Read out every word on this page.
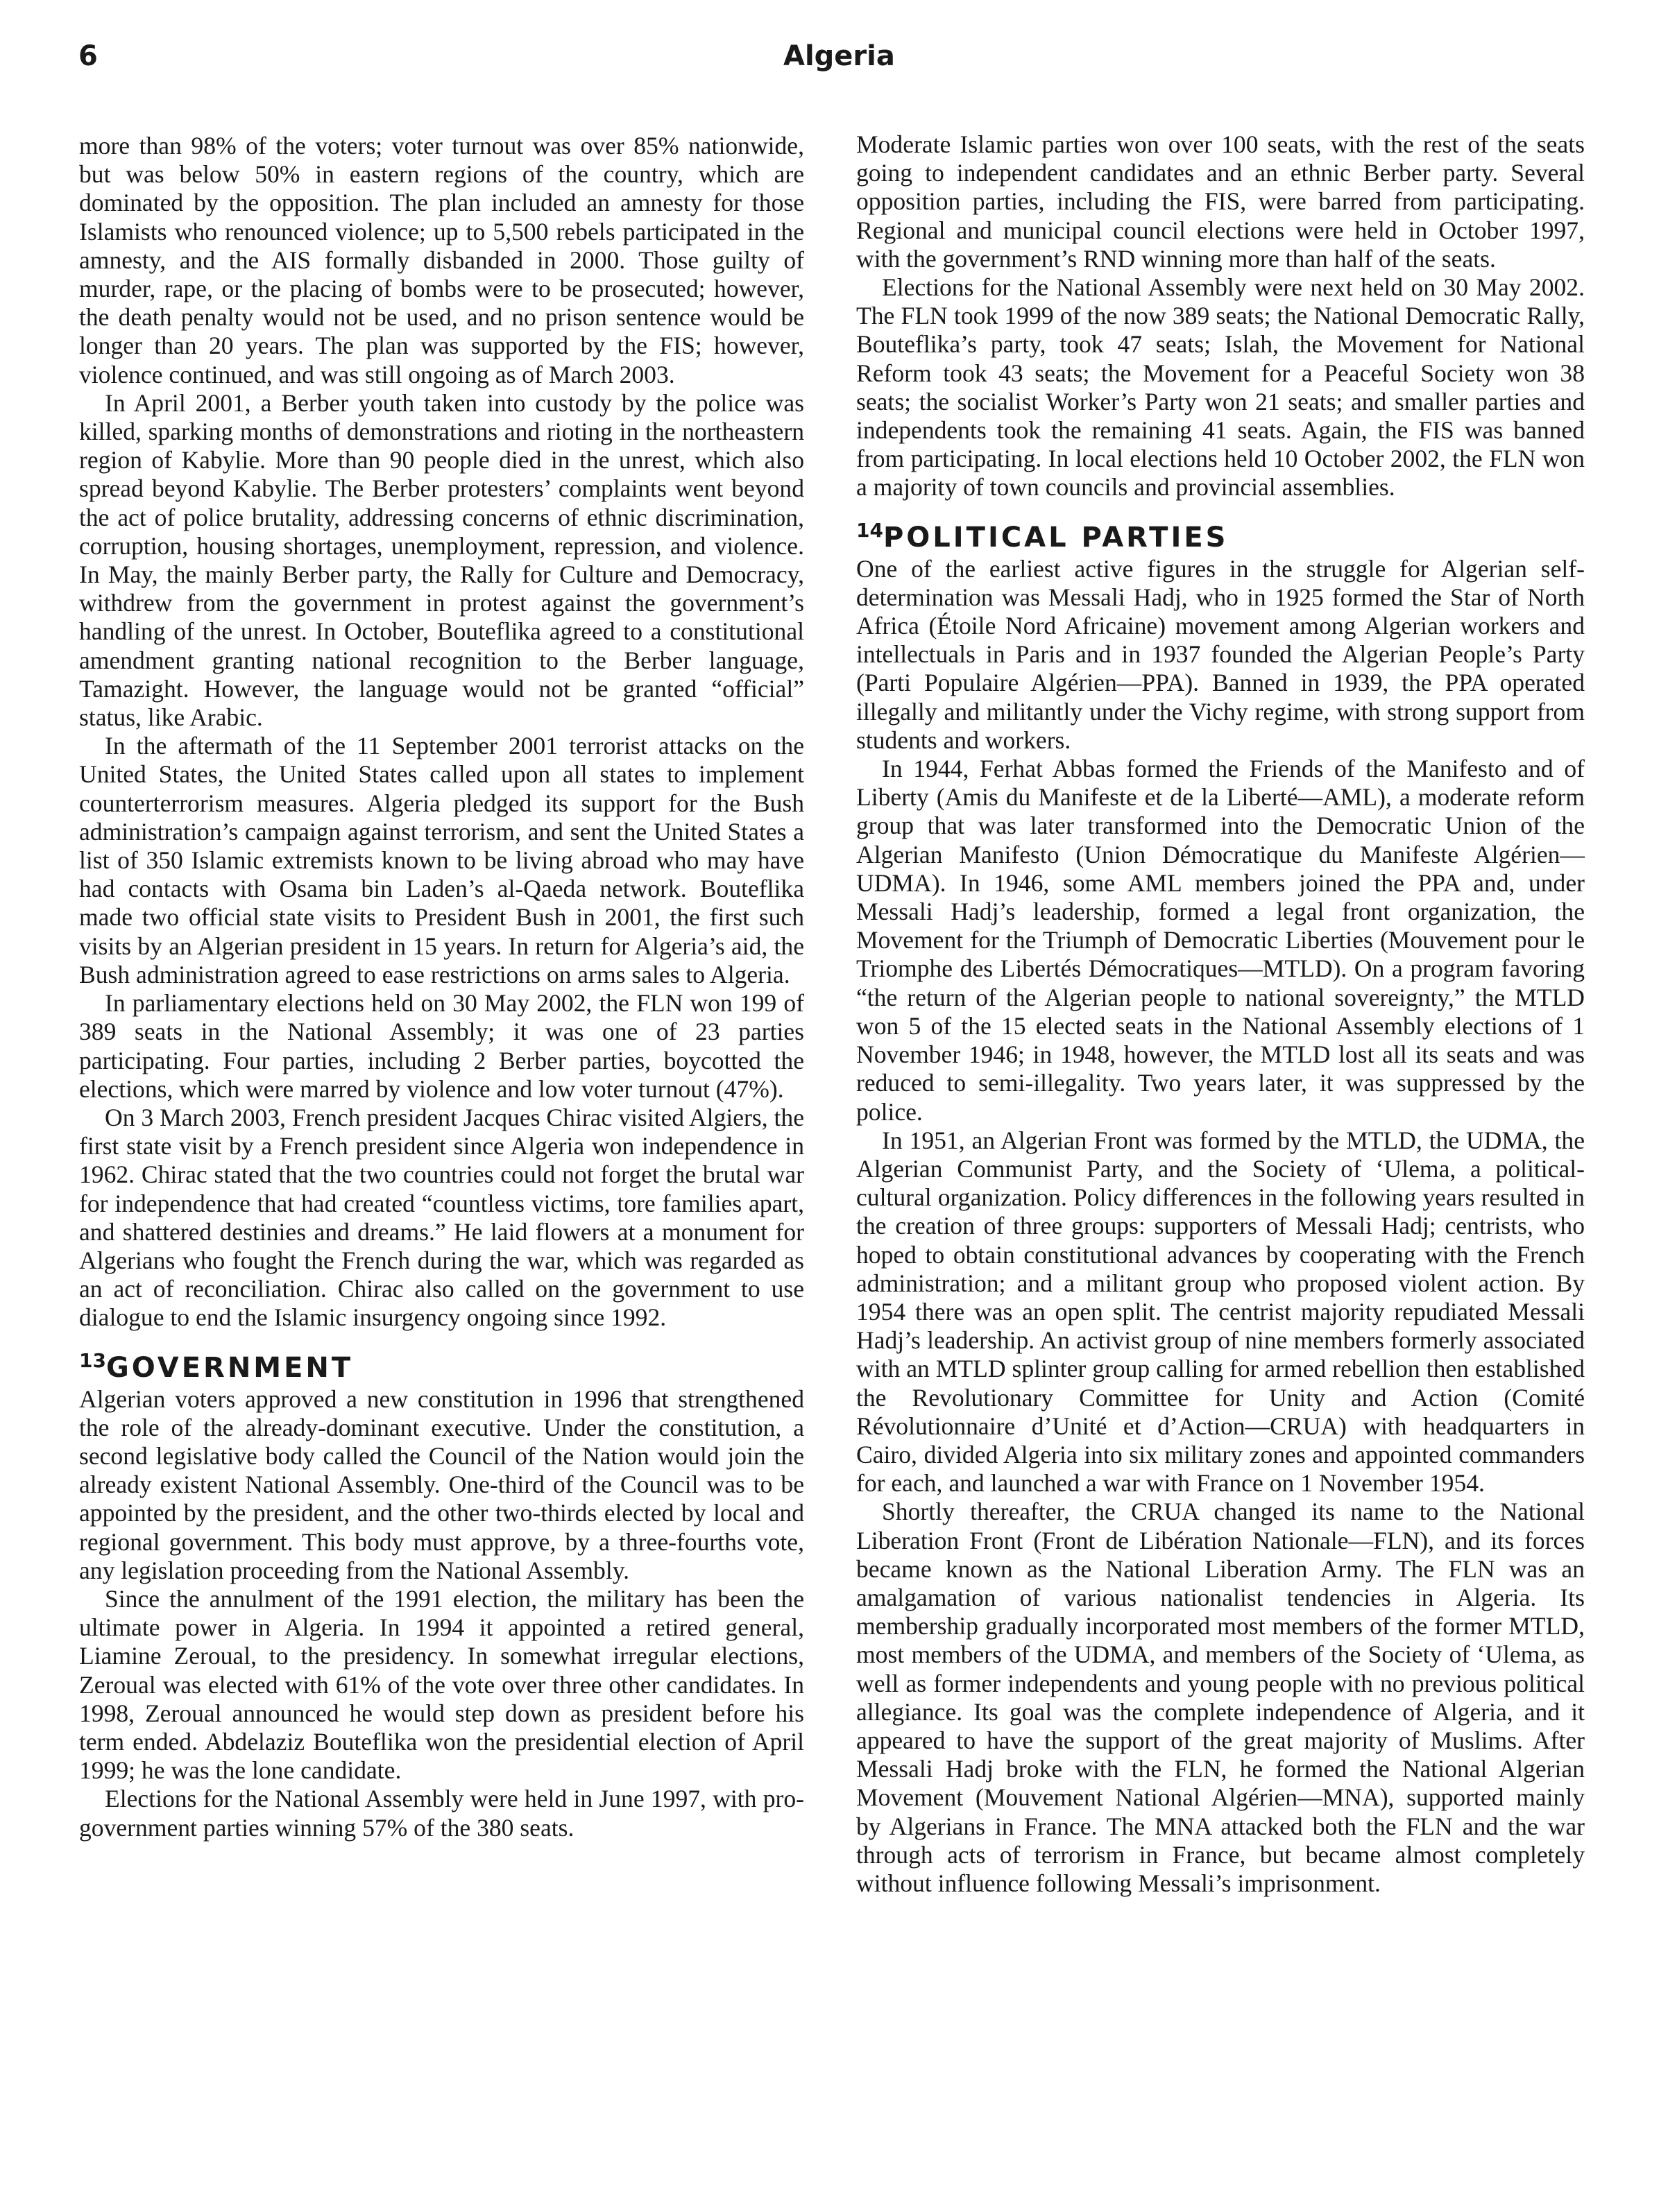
6	Algeria

more than 98% of the voters; voter turnout was over 85% nationwide, but was below 50% in eastern regions of the country, which are dominated by the opposition. The plan included an amnesty for those Islamists who renounced violence; up to 5,500 rebels participated in the amnesty, and the AIS formally disbanded in 2000. Those guilty of murder, rape, or the placing of bombs were to be prosecuted; however, the death penalty would not be used, and no prison sentence would be longer than 20 years. The plan was supported by the FIS; however, violence continued, and was still ongoing as of March 2003.

In April 2001, a Berber youth taken into custody by the police was killed, sparking months of demonstrations and rioting in the northeastern region of Kabylie. More than 90 people died in the unrest, which also spread beyond Kabylie. The Berber protesters’ complaints went beyond the act of police brutality, addressing concerns of ethnic discrimination, corruption, housing shortages, unemployment, repression, and violence. In May, the mainly Berber party, the Rally for Culture and Democracy, withdrew from the government in protest against the government’s handling of the unrest. In October, Bouteflika agreed to a constitutional amendment granting national recognition to the Berber language, Tamazight. However, the language would not be granted “official” status, like Arabic.

In the aftermath of the 11 September 2001 terrorist attacks on the United States, the United States called upon all states to implement counterterrorism measures. Algeria pledged its support for the Bush administration’s campaign against terrorism, and sent the United States a list of 350 Islamic extremists known to be living abroad who may have had contacts with Osama bin Laden’s al-Qaeda network. Bouteflika made two official state visits to President Bush in 2001, the first such visits by an Algerian president in 15 years. In return for Algeria’s aid, the Bush administration agreed to ease restrictions on arms sales to Algeria.

In parliamentary elections held on 30 May 2002, the FLN won 199 of 389 seats in the National Assembly; it was one of 23 parties participating. Four parties, including 2 Berber parties, boycotted the elections, which were marred by violence and low voter turnout (47%).

On 3 March 2003, French president Jacques Chirac visited Algiers, the first state visit by a French president since Algeria won independence in 1962. Chirac stated that the two countries could not forget the brutal war for independence that had created “countless victims, tore families apart, and shattered destinies and dreams.” He laid flowers at a monument for Algerians who fought the French during the war, which was regarded as an act of reconciliation. Chirac also called on the government to use dialogue to end the Islamic insurgency ongoing since 1992.

$^{13}$GOVERNMENT

Algerian voters approved a new constitution in 1996 that strengthened the role of the already-dominant executive. Under the constitution, a second legislative body called the Council of the Nation would join the already existent National Assembly. One-third of the Council was to be appointed by the president, and the other two-thirds elected by local and regional government. This body must approve, by a three-fourths vote, any legislation proceeding from the National Assembly.

Since the annulment of the 1991 election, the military has been the ultimate power in Algeria. In 1994 it appointed a retired general, Liamine Zeroual, to the presidency. In somewhat irregular elections, Zeroual was elected with 61% of the vote over three other candidates. In 1998, Zeroual announced he would step down as president before his term ended. Abdelaziz Bouteflika won the presidential election of April 1999; he was the lone candidate.

Elections for the National Assembly were held in June 1997, with pro-government parties winning 57% of the 380 seats.

Moderate Islamic parties won over 100 seats, with the rest of the seats going to independent candidates and an ethnic Berber party. Several opposition parties, including the FIS, were barred from participating. Regional and municipal council elections were held in October 1997, with the government’s RND winning more than half of the seats.

Elections for the National Assembly were next held on 30 May 2002. The FLN took 1999 of the now 389 seats; the National Democratic Rally, Bouteflika’s party, took 47 seats; Islah, the Movement for National Reform took 43 seats; the Movement for a Peaceful Society won 38 seats; the socialist Worker’s Party won 21 seats; and smaller parties and independents took the remaining 41 seats. Again, the FIS was banned from participating. In local elections held 10 October 2002, the FLN won a majority of town councils and provincial assemblies.

$^{14}$POLITICAL PARTIES

One of the earliest active figures in the struggle for Algerian self-determination was Messali Hadj, who in 1925 formed the Star of North Africa (Étoile Nord Africaine) movement among Algerian workers and intellectuals in Paris and in 1937 founded the Algerian People’s Party (Parti Populaire Algérien—PPA). Banned in 1939, the PPA operated illegally and militantly under the Vichy regime, with strong support from students and workers.

In 1944, Ferhat Abbas formed the Friends of the Manifesto and of Liberty (Amis du Manifeste et de la Liberté—AML), a moderate reform group that was later transformed into the Democratic Union of the Algerian Manifesto (Union Démocratique du Manifeste Algérien—UDMA). In 1946, some AML members joined the PPA and, under Messali Hadj’s leadership, formed a legal front organization, the Movement for the Triumph of Democratic Liberties (Mouvement pour le Triomphe des Libertés Démocratiques—MTLD). On a program favoring “the return of the Algerian people to national sovereignty,” the MTLD won 5 of the 15 elected seats in the National Assembly elections of 1 November 1946; in 1948, however, the MTLD lost all its seats and was reduced to semi-illegality. Two years later, it was suppressed by the police.

In 1951, an Algerian Front was formed by the MTLD, the UDMA, the Algerian Communist Party, and the Society of ‘Ulema, a political-cultural organization. Policy differences in the following years resulted in the creation of three groups: supporters of Messali Hadj; centrists, who hoped to obtain constitutional advances by cooperating with the French administration; and a militant group who proposed violent action. By 1954 there was an open split. The centrist majority repudiated Messali Hadj’s leadership. An activist group of nine members formerly associated with an MTLD splinter group calling for armed rebellion then established the Revolutionary Committee for Unity and Action (Comité Révolutionnaire d’Unité et d’Action—CRUA) with headquarters in Cairo, divided Algeria into six military zones and appointed commanders for each, and launched a war with France on 1 November 1954.

Shortly thereafter, the CRUA changed its name to the National Liberation Front (Front de Libération Nationale—FLN), and its forces became known as the National Liberation Army. The FLN was an amalgamation of various nationalist tendencies in Algeria. Its membership gradually incorporated most members of the former MTLD, most members of the UDMA, and members of the Society of ‘Ulema, as well as former independents and young people with no previous political allegiance. Its goal was the complete independence of Algeria, and it appeared to have the support of the great majority of Muslims. After Messali Hadj broke with the FLN, he formed the National Algerian Movement (Mouvement National Algérien—MNA), supported mainly by Algerians in France. The MNA attacked both the FLN and the war through acts of terrorism in France, but became almost completely without influence following Messali’s imprisonment.
